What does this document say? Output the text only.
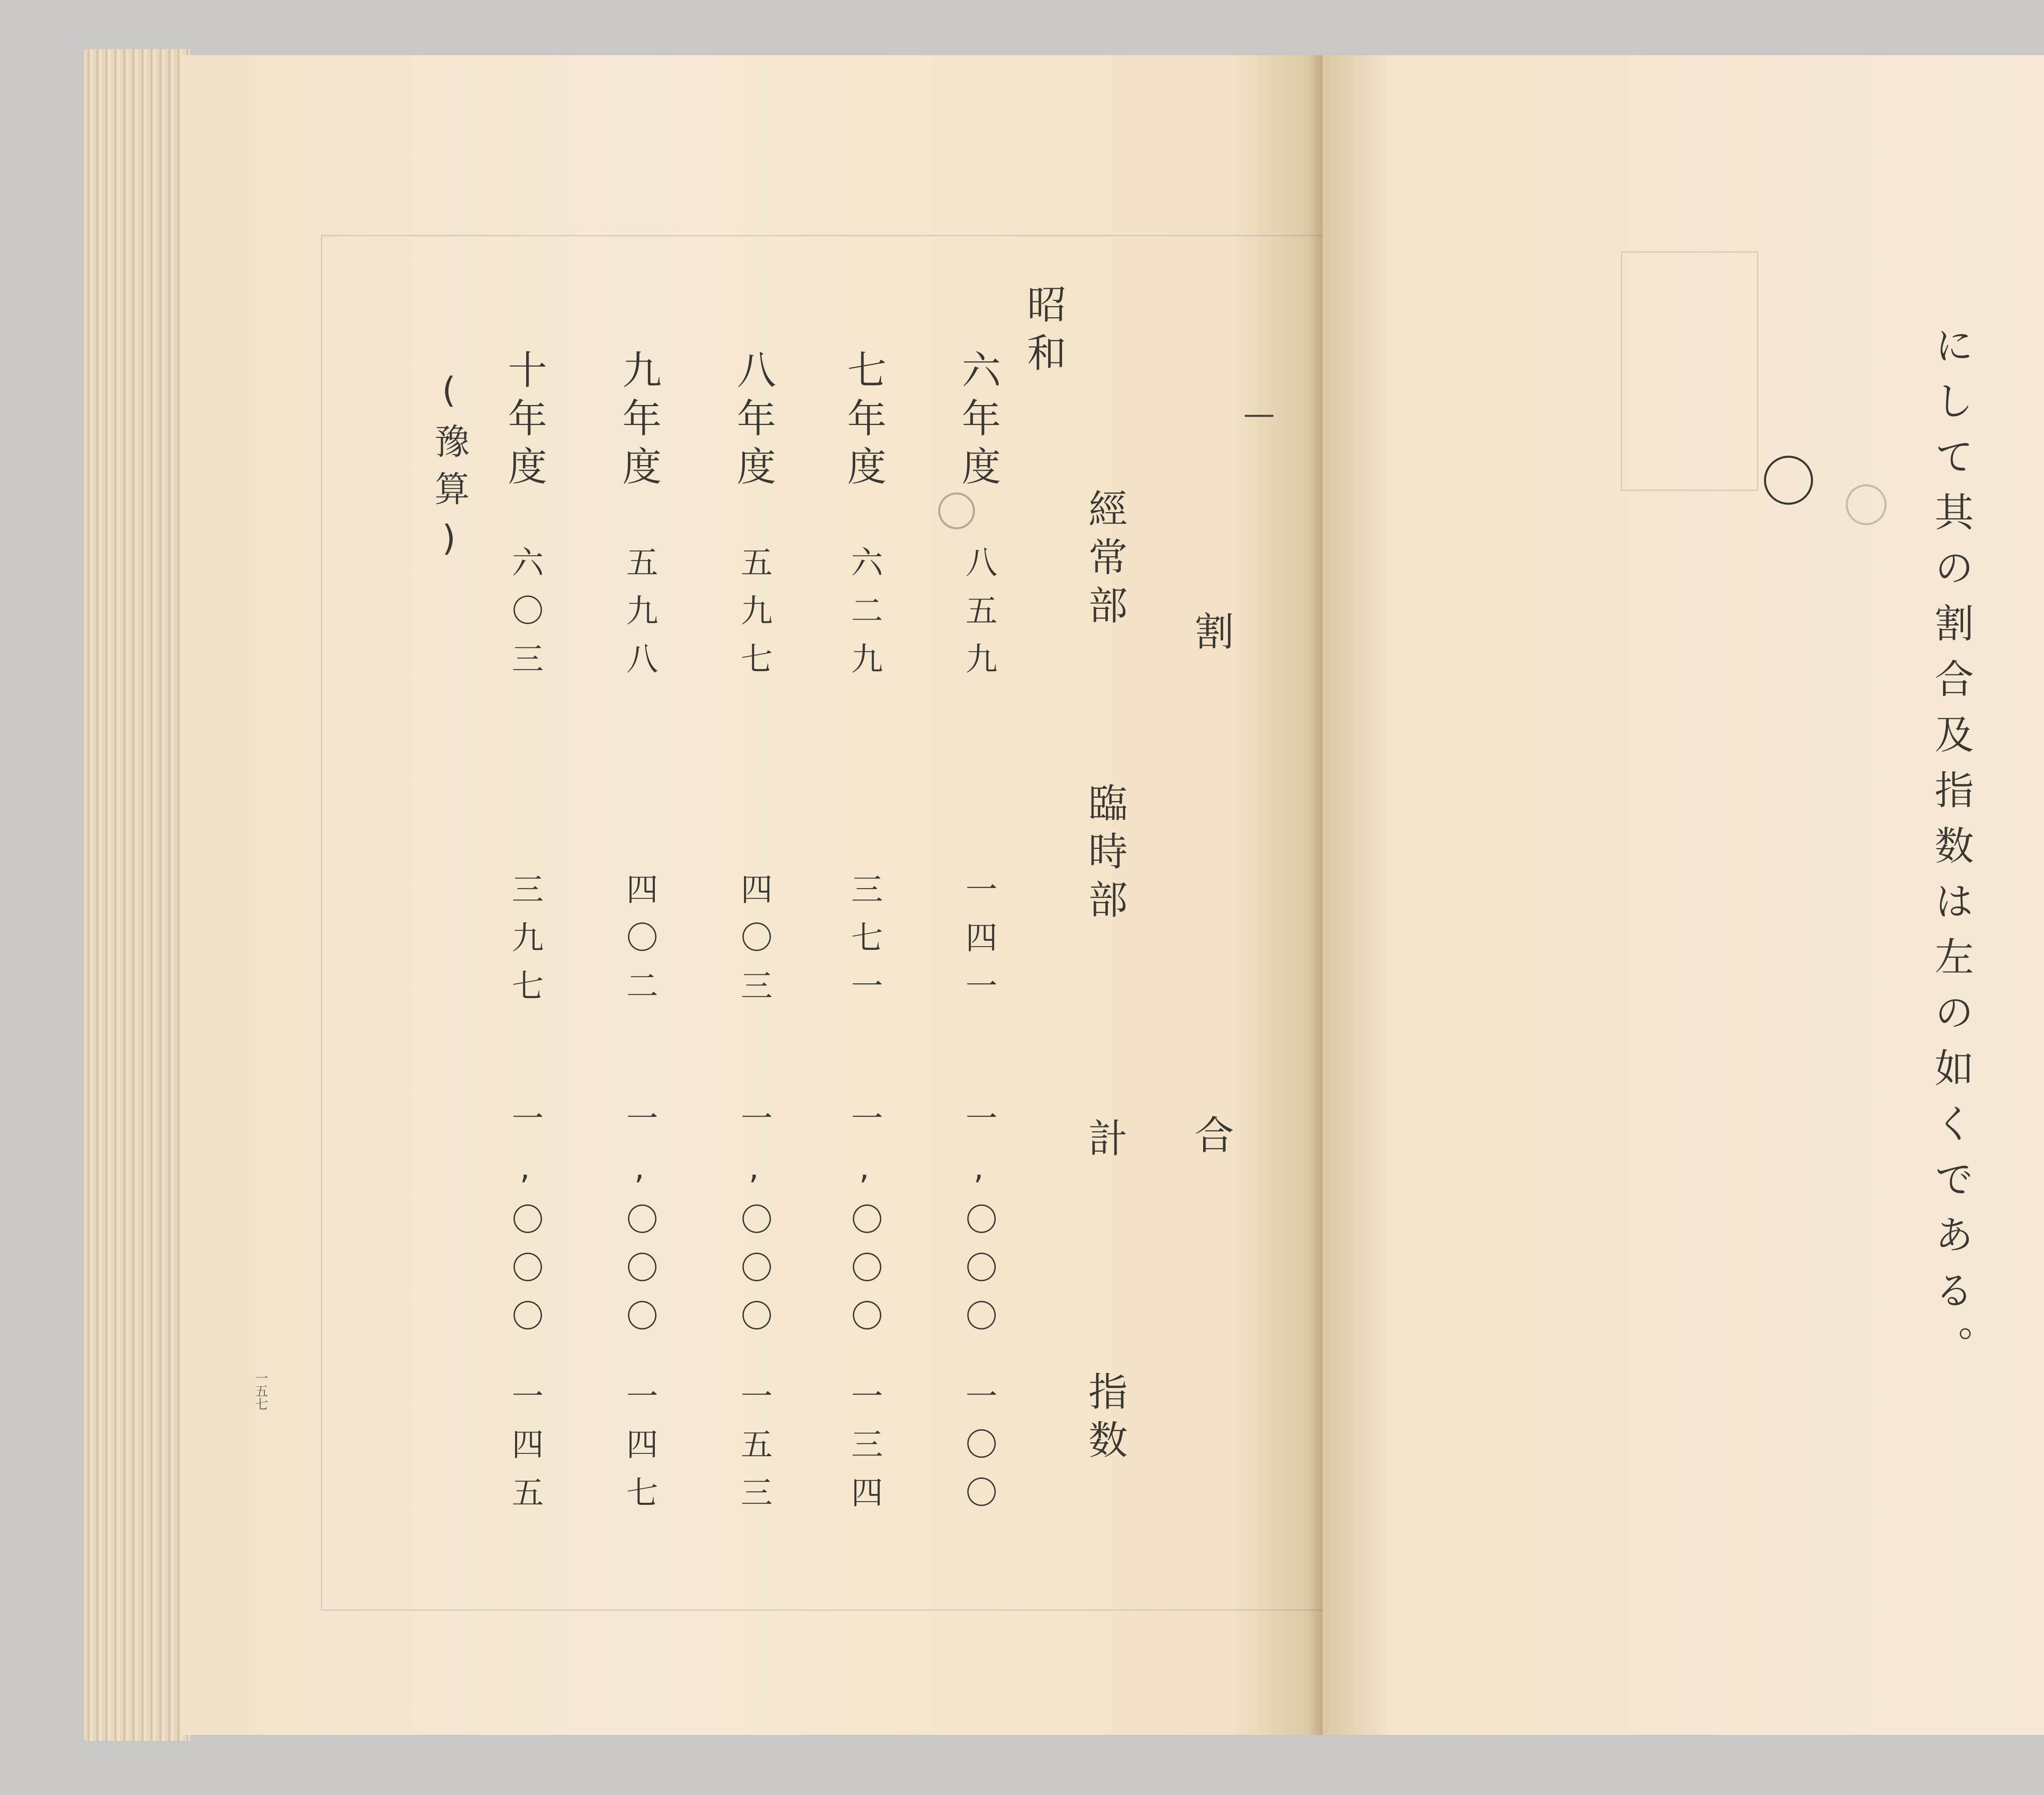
昭和
六年度
七年度
八年度
九年度
十年度
(豫算)
割　合
經常部
臨時部
計
指数
八五九
一四一
一,〇〇〇
一〇〇
六二九
三七一
一,〇〇〇
一三四
五九七
四〇三
一,〇〇〇
一五三
五九八
四〇二
一,〇〇〇
一四七
六〇三
三九七
一,〇〇〇
一四五
一五七
にして其の割合及指数は左の如くである。
